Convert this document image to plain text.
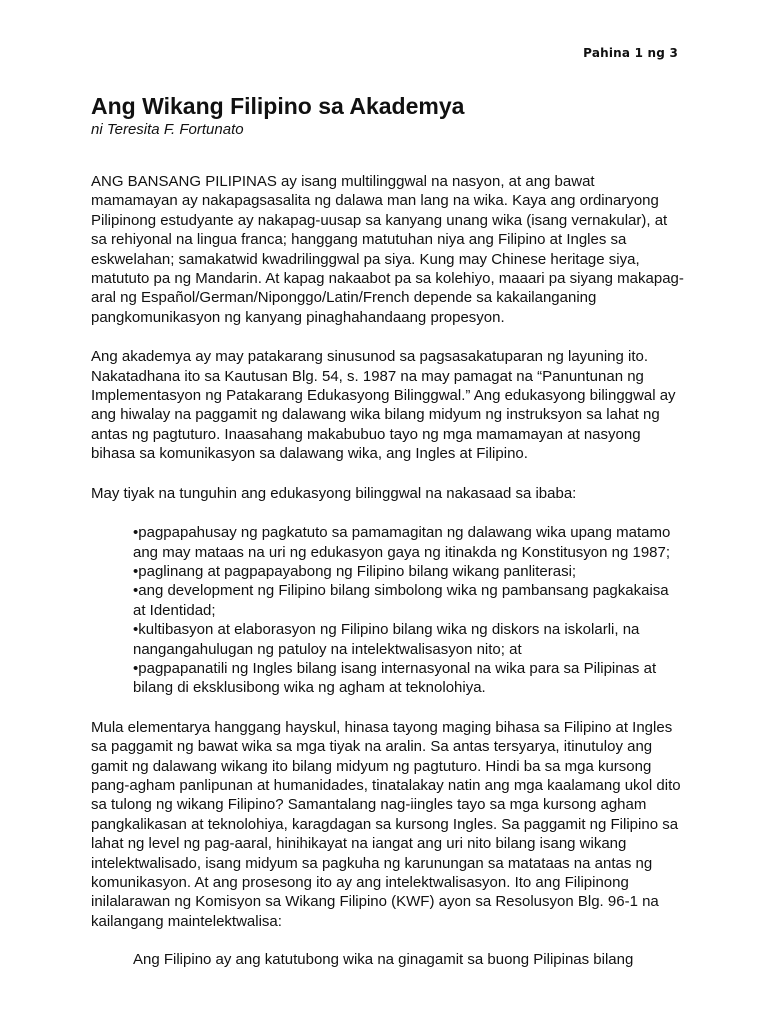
Pahina 1 ng 3
Ang Wikang Filipino sa Akademya

ni Teresita F. Fortunato

ANG BANSANG PILIPINAS ay isang multilinggwal na nasyon, at ang bawat mamamayan ay nakapagsasalita ng dalawa man lang na wika. Kaya ang ordinaryong Pilipinong estudyante ay nakapag-uusap sa kanyang unang wika (isang vernakular), at sa rehiyonal na lingua franca; hanggang matutuhan niya ang Filipino at Ingles sa eskwelahan; samakatwid kwadrilinggwal pa siya. Kung may Chinese heritage siya, matututo pa ng Mandarin. At kapag nakaabot pa sa kolehiyo, maaari pa siyang makapag-aral ng Español/German/Niponggo/Latin/French depende sa kakailanganing pangkomunikasyon ng kanyang pinaghahandaang propesyon.

Ang akademya ay may patakarang sinusunod sa pagsasakatuparan ng layuning ito. Nakatadhana ito sa Kautusan Blg. 54, s. 1987 na may pamagat na “Panuntunan ng Implementasyon ng Patakarang Edukasyong Bilinggwal.” Ang edukasyong bilinggwal ay ang hiwalay na paggamit ng dalawang wika bilang midyum ng instruksyon sa lahat ng antas ng pagtuturo. Inaasahang makabubuo tayo ng mga mamamayan at nasyong bihasa sa komunikasyon sa dalawang wika, ang Ingles at Filipino.

May tiyak na tunguhin ang edukasyong bilinggwal na nakasaad sa ibaba:

• pagpapahusay ng pagkatuto sa pamamagitan ng dalawang wika upang matamo ang may mataas na uri ng edukasyon gaya ng itinakda ng Konstitusyon ng 1987;
• paglinang at pagpapayabong ng Filipino bilang wikang panliterasi;
• ang development ng Filipino bilang simbolong wika ng pambansang pagkakaisa at Identidad;
• kultibasyon at elaborasyon ng Filipino bilang wika ng diskors na iskolarli, na nangangahulugan ng patuloy na intelektwalisasyon nito; at
• pagpapanatili ng Ingles bilang isang internasyonal na wika para sa Pilipinas at bilang di eksklusibong wika ng agham at teknolohiya.

Mula elementarya hanggang hayskul, hinasa tayong maging bihasa sa Filipino at Ingles sa paggamit ng bawat wika sa mga tiyak na aralin. Sa antas tersyarya, itinutuloy ang gamit ng dalawang wikang ito bilang midyum ng pagtuturo. Hindi ba sa mga kursong pang-agham panlipunan at humanidades, tinatalakay natin ang mga kaalamang ukol dito sa tulong ng wikang Filipino? Samantalang nag-iingles tayo sa mga kursong agham pangkalikasan at teknolohiya, karagdagan sa kursong Ingles. Sa paggamit ng Filipino sa lahat ng level ng pag-aaral, hinihikayat na iangat ang uri nito bilang isang wikang intelektwalisado, isang midyum sa pagkuha ng karunungan sa matataas na antas ng komunikasyon. At ang prosesong ito ay ang intelektwalisasyon. Ito ang Filipinong inilalarawan ng Komisyon sa Wikang Filipino (KWF) ayon sa Resolusyon Blg. 96-1 na kailangang maintelektwalisa:

Ang Filipino ay ang katutubong wika na ginagamit sa buong Pilipinas bilang
